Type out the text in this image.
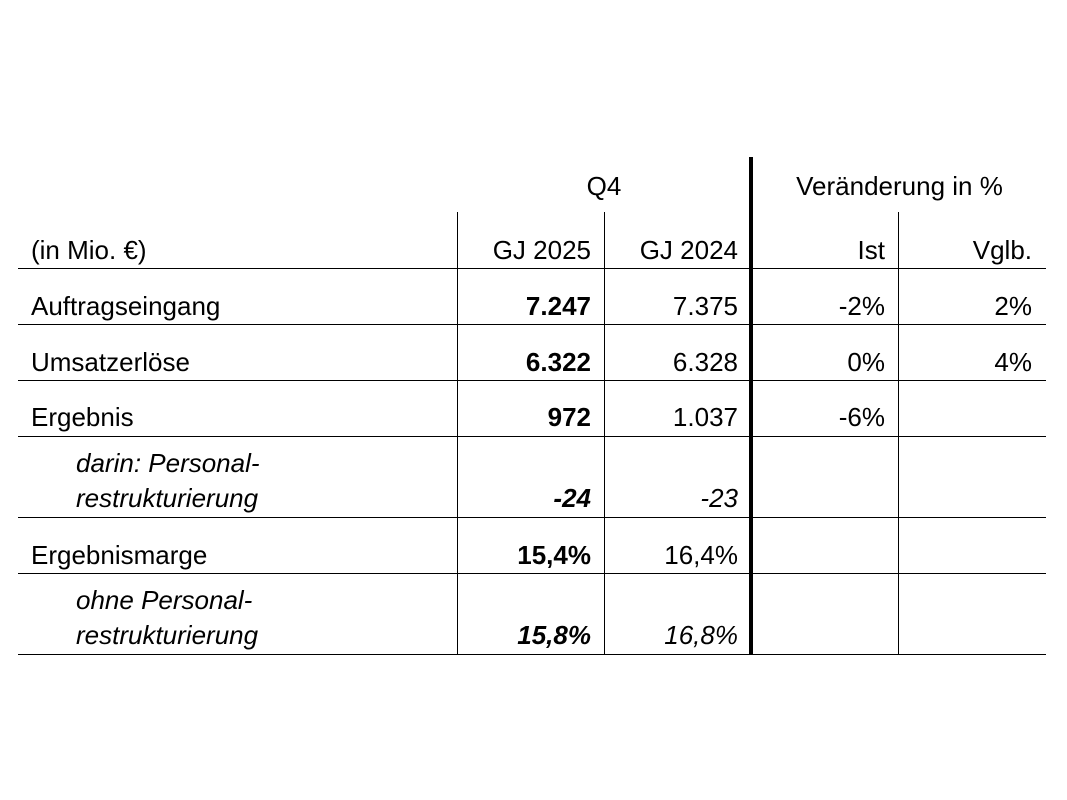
Q4	Veränderung in %
(in Mio. €)	GJ 2025	GJ 2024	Ist	Vglb.
Auftragseingang	7.247	7.375	-2%	2%
Umsatzerlöse	6.322	6.328	0%	4%
Ergebnis	972	1.037	-6%
darin: Personal-
restrukturierung	-24	-23
Ergebnismarge	15,4%	16,4%
ohne Personal-
restrukturierung	15,8%	16,8%
